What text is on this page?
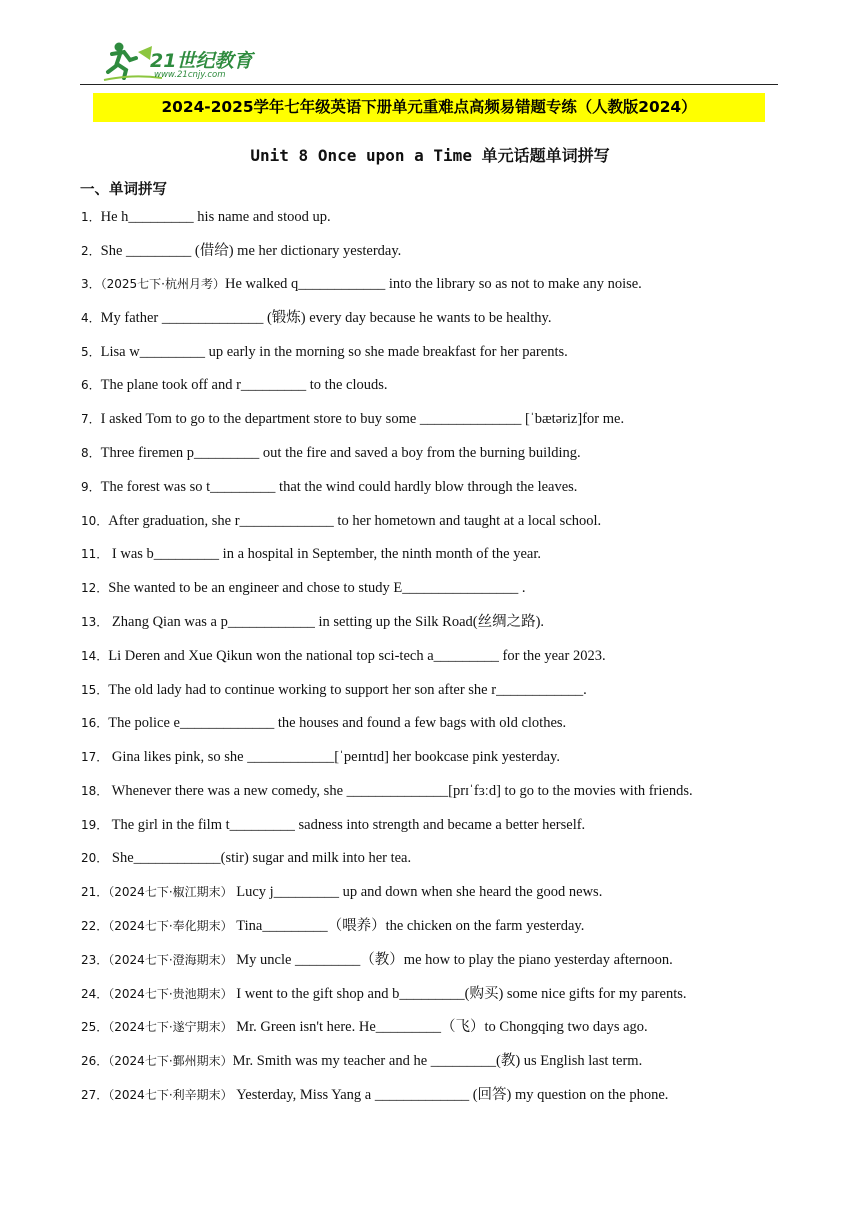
21世纪教育
www.21cnjy.com
2024-2025学年七年级英语下册单元重难点高频易错题专练（人教版2024）
Unit 8 Once upon a Time 单元话题单词拼写
一、单词拼写
1．He h_________ his name and stood up.
2．She _________ (借给) me her dictionary yesterday.
3．（2025七下·杭州月考）He walked q____________ into the library so as not to make any noise.
4．My father ______________ (锻炼) every day because he wants to be healthy.
5．Lisa w_________ up early in the morning so she made breakfast for her parents.
6．The plane took off and r_________ to the clouds.
7．I asked Tom to go to the department store to buy some ______________ [ˈbætəriz]for me.
8．Three firemen p_________ out the fire and saved a boy from the burning building.
9．The forest was so t_________ that the wind could hardly blow through the leaves.
10．After graduation, she r_____________ to her hometown and taught at a local school.
11． I was b_________ in a hospital in September, the ninth month of the year.
12．She wanted to be an engineer and chose to study E________________ .
13． Zhang Qian was a p____________ in setting up the Silk Road(丝绸之路).
14．Li Deren and Xue Qikun won the national top sci-tech a_________ for the year 2023.
15．The old lady had to continue working to support her son after she r____________.
16．The police e_____________ the houses and found a few bags with old clothes.
17． Gina likes pink, so she ____________[ˈpeɪntɪd] her bookcase pink yesterday.
18． Whenever there was a new comedy, she ______________[prɪˈfɜːd] to go to the movies with friends.
19． The girl in the film t_________ sadness into strength and became a better herself.
20． She____________(stir) sugar and milk into her tea.
21．（2024七下·椒江期末） Lucy j_________ up and down when she heard the good news.
22．（2024七下·奉化期末） Tina_________（喂养）the chicken on the farm yesterday.
23．（2024七下·澄海期末） My uncle _________（教）me how to play the piano yesterday afternoon.
24．（2024七下·贵池期末） I went to the gift shop and b_________(购买) some nice gifts for my parents.
25．（2024七下·遂宁期末） Mr. Green isn't here. He_________（飞）to Chongqing two days ago.
26．（2024七下·鄞州期末）Mr. Smith was my teacher and he _________(教) us English last term.
27．（2024七下·利辛期末） Yesterday, Miss Yang a _____________ (回答) my question on the phone.
